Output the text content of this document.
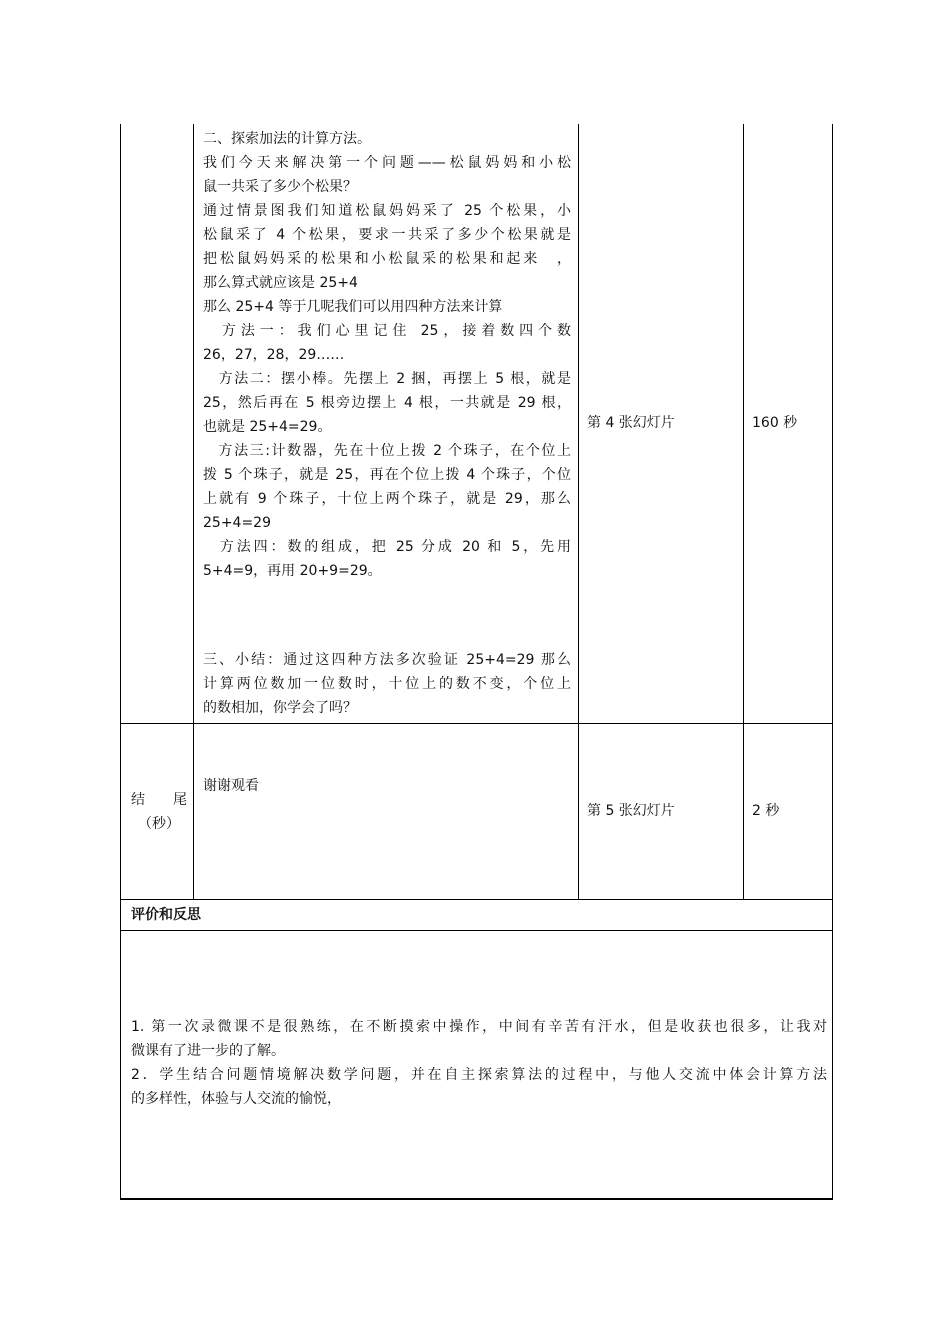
二、探索加法的计算方法。
我们今天来解决第一个问题——松鼠妈妈和小松
鼠一共采了多少个松果？
通过情景图我们知道松鼠妈妈采了 25 个松果，小
松鼠采了 4 个松果，要求一共采了多少个松果就是
把松鼠妈妈采的松果和小松鼠采的松果和起来　，
那么算式就应该是 25+4
那么 25+4 等于几呢我们可以用四种方法来计算
　方法一：我们心里记住 25，接着数四个数
26，27，28，29……
　方法二：摆小棒。先摆上 2 捆，再摆上 5 根，就是
25，然后再在 5 根旁边摆上 4 根，一共就是 29 根，
也就是 25+4=29。
　方法三:计数器，先在十位上拨 2 个珠子，在个位上
拨 5 个珠子，就是 25，再在个位上拨 4 个珠子，个位
上就有 9 个珠子，十位上两个珠子，就是 29，那么
25+4=29
　方法四：数的组成，把 25 分成 20 和 5，先用
5+4=9，再用 20+9=29。
三、小结：通过这四种方法多次验证 25+4=29 那么
计算两位数加一位数时，十位上的数不变，个位上
的数相加，你学会了吗？
第 4 张幻灯片	160 秒
结　　尾
（秒）
谢谢观看
第 5 张幻灯片	2 秒
评价和反思
1. 第一次录微课不是很熟练，在不断摸索中操作，中间有辛苦有汗水，但是收获也很多，让我对
微课有了进一步的了解。
2．学生结合问题情境解决数学问题，并在自主探索算法的过程中，与他人交流中体会计算方法
的多样性，体验与人交流的愉悦，
